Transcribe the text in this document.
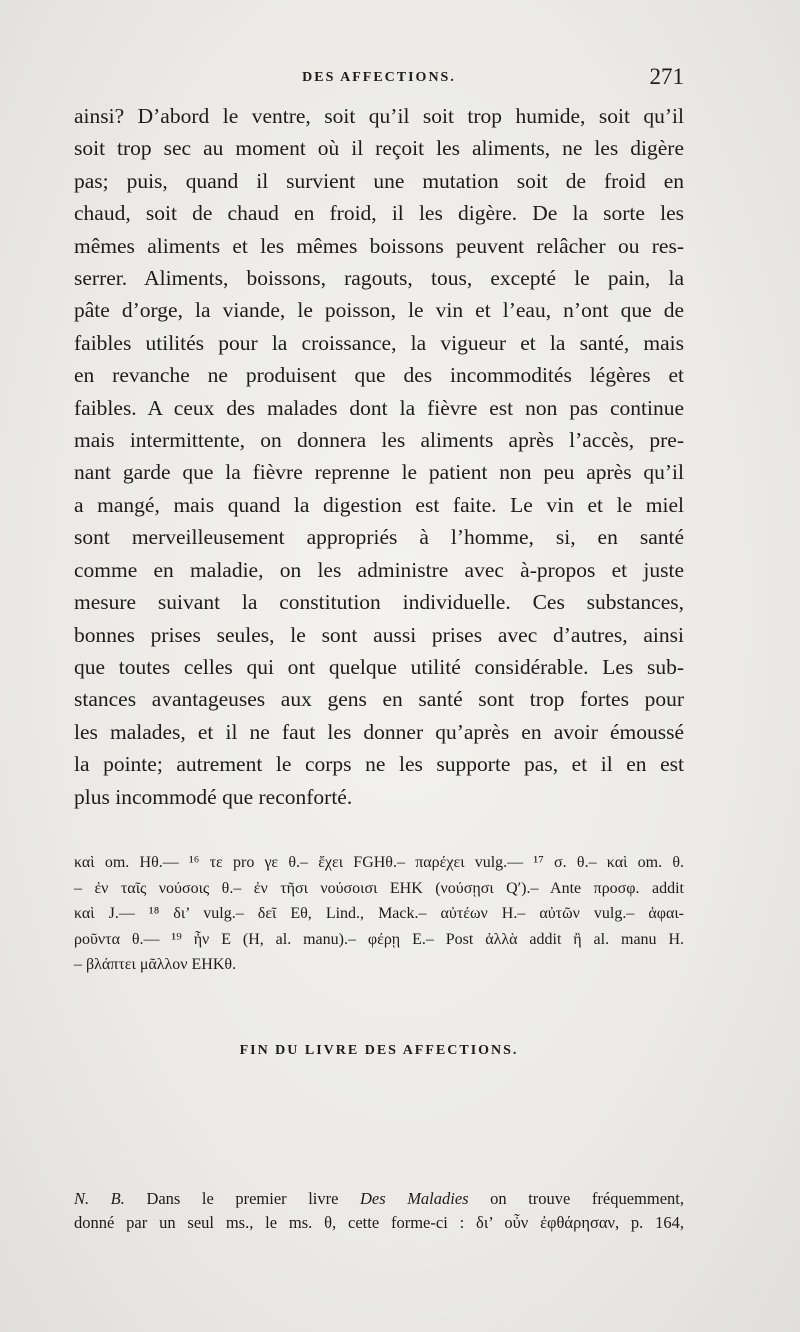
DES AFFECTIONS.	271
ainsi? D’abord le ventre, soit qu’il soit trop humide, soit qu’il
soit trop sec au moment où il reçoit les aliments, ne les digère
pas; puis, quand il survient une mutation soit de froid en
chaud, soit de chaud en froid, il les digère. De la sorte les
mêmes aliments et les mêmes boissons peuvent relâcher ou res-
serrer. Aliments, boissons, ragouts, tous, excepté le pain, la
pâte d’orge, la viande, le poisson, le vin et l’eau, n’ont que de
faibles utilités pour la croissance, la vigueur et la santé, mais
en revanche ne produisent que des incommodités légères et
faibles. A ceux des malades dont la fièvre est non pas continue
mais intermittente, on donnera les aliments après l’accès, pre-
nant garde que la fièvre reprenne le patient non peu après qu’il
a mangé, mais quand la digestion est faite. Le vin et le miel
sont merveilleusement appropriés à l’homme, si, en santé
comme en maladie, on les administre avec à-propos et juste
mesure suivant la constitution individuelle. Ces substances,
bonnes prises seules, le sont aussi prises avec d’autres, ainsi
que toutes celles qui ont quelque utilité considérable. Les sub-
stances avantageuses aux gens en santé sont trop fortes pour
les malades, et il ne faut les donner qu’après en avoir émoussé
la pointe; autrement le corps ne les supporte pas, et il en est
plus incommodé que reconforté.
καὶ om. Hθ.— ¹⁶ τε pro γε θ.– ἔχει FGHθ.– παρέχει vulg.— ¹⁷ σ. θ.– καὶ om. θ.
– ἐν ταῖς νούσοις θ.– ἐν τῆσι νούσοισι EHK (νούσῃσι Q′).– Ante προσφ. addit
καὶ J.— ¹⁸ δι’ vulg.– δεῖ Eθ, Lind., Mack.– αὐτέων H.– αὐτῶν vulg.– ἀφαι-
ροῦντα θ.— ¹⁹ ἦν E (H, al. manu).– φέρῃ E.– Post ἀλλὰ addit ἢ al. manu H.
– βλάπτει μᾶλλον EHKθ.
FIN DU LIVRE DES AFFECTIONS.
N. B. Dans le premier livre Des Maladies on trouve fréquemment,
donné par un seul ms., le ms. θ, cette forme-ci : δι’ οὖν ἐφθάρησαν, p. 164,
